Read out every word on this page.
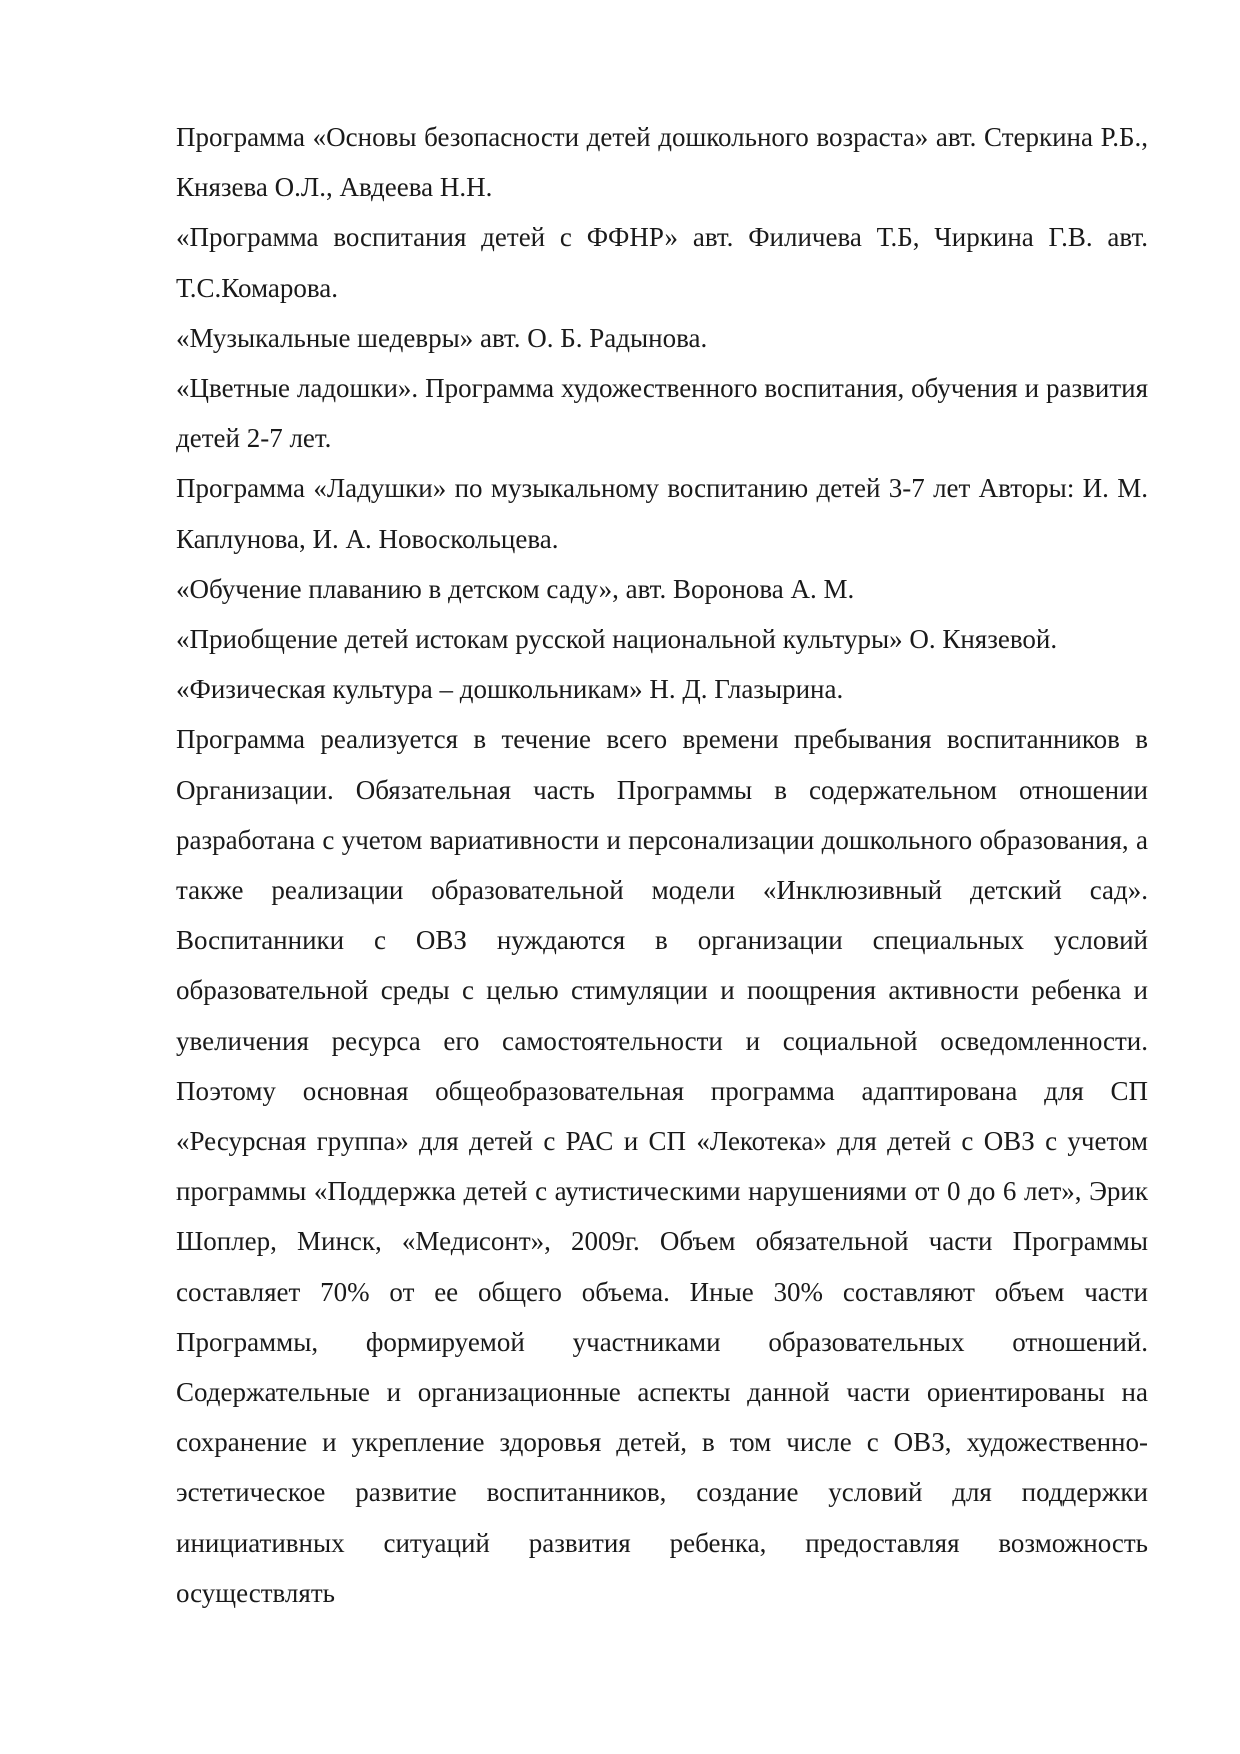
Программа «Основы безопасности детей дошкольного возраста» авт. Стеркина Р.Б., Князева О.Л., Авдеева Н.Н.

«Программа воспитания детей с ФФНР» авт. Филичева Т.Б, Чиркина Г.В. авт. Т.С.Комарова.

«Музыкальные шедевры» авт. О. Б. Радынова.

«Цветные ладошки». Программа художественного воспитания, обучения и развития детей 2-7 лет.

Программа «Ладушки» по музыкальному воспитанию детей 3-7 лет Авторы: И. М. Каплунова, И. А. Новоскольцева.

«Обучение плаванию в детском саду», авт. Воронова А. М.

«Приобщение детей истокам русской национальной культуры» О. Князевой.

«Физическая культура – дошкольникам» Н. Д. Глазырина.

Программа реализуется в течение всего времени пребывания воспитанников в Организации. Обязательная часть Программы в содержательном отношении разработана с учетом вариативности и персонализации дошкольного образования, а также реализации образовательной модели «Инклюзивный детский сад». Воспитанники с ОВЗ нуждаются в организации специальных условий образовательной среды с целью стимуляции и поощрения активности ребенка и увеличения ресурса его самостоятельности и социальной осведомленности. Поэтому основная общеобразовательная программа адаптирована для СП «Ресурсная группа» для детей с РАС и СП «Лекотека» для детей с ОВЗ с учетом программы «Поддержка детей с аутистическими нарушениями от 0 до 6 лет», Эрик Шоплер, Минск, «Медисонт», 2009г. Объем обязательной части Программы составляет 70% от ее общего объема. Иные 30% составляют объем части Программы, формируемой участниками образовательных отношений. Содержательные и организационные аспекты данной части ориентированы на сохранение и укрепление здоровья детей, в том числе с ОВЗ, художественно-эстетическое развитие воспитанников, создание условий для поддержки инициативных ситуаций развития ребенка, предоставляя возможность осуществлять
